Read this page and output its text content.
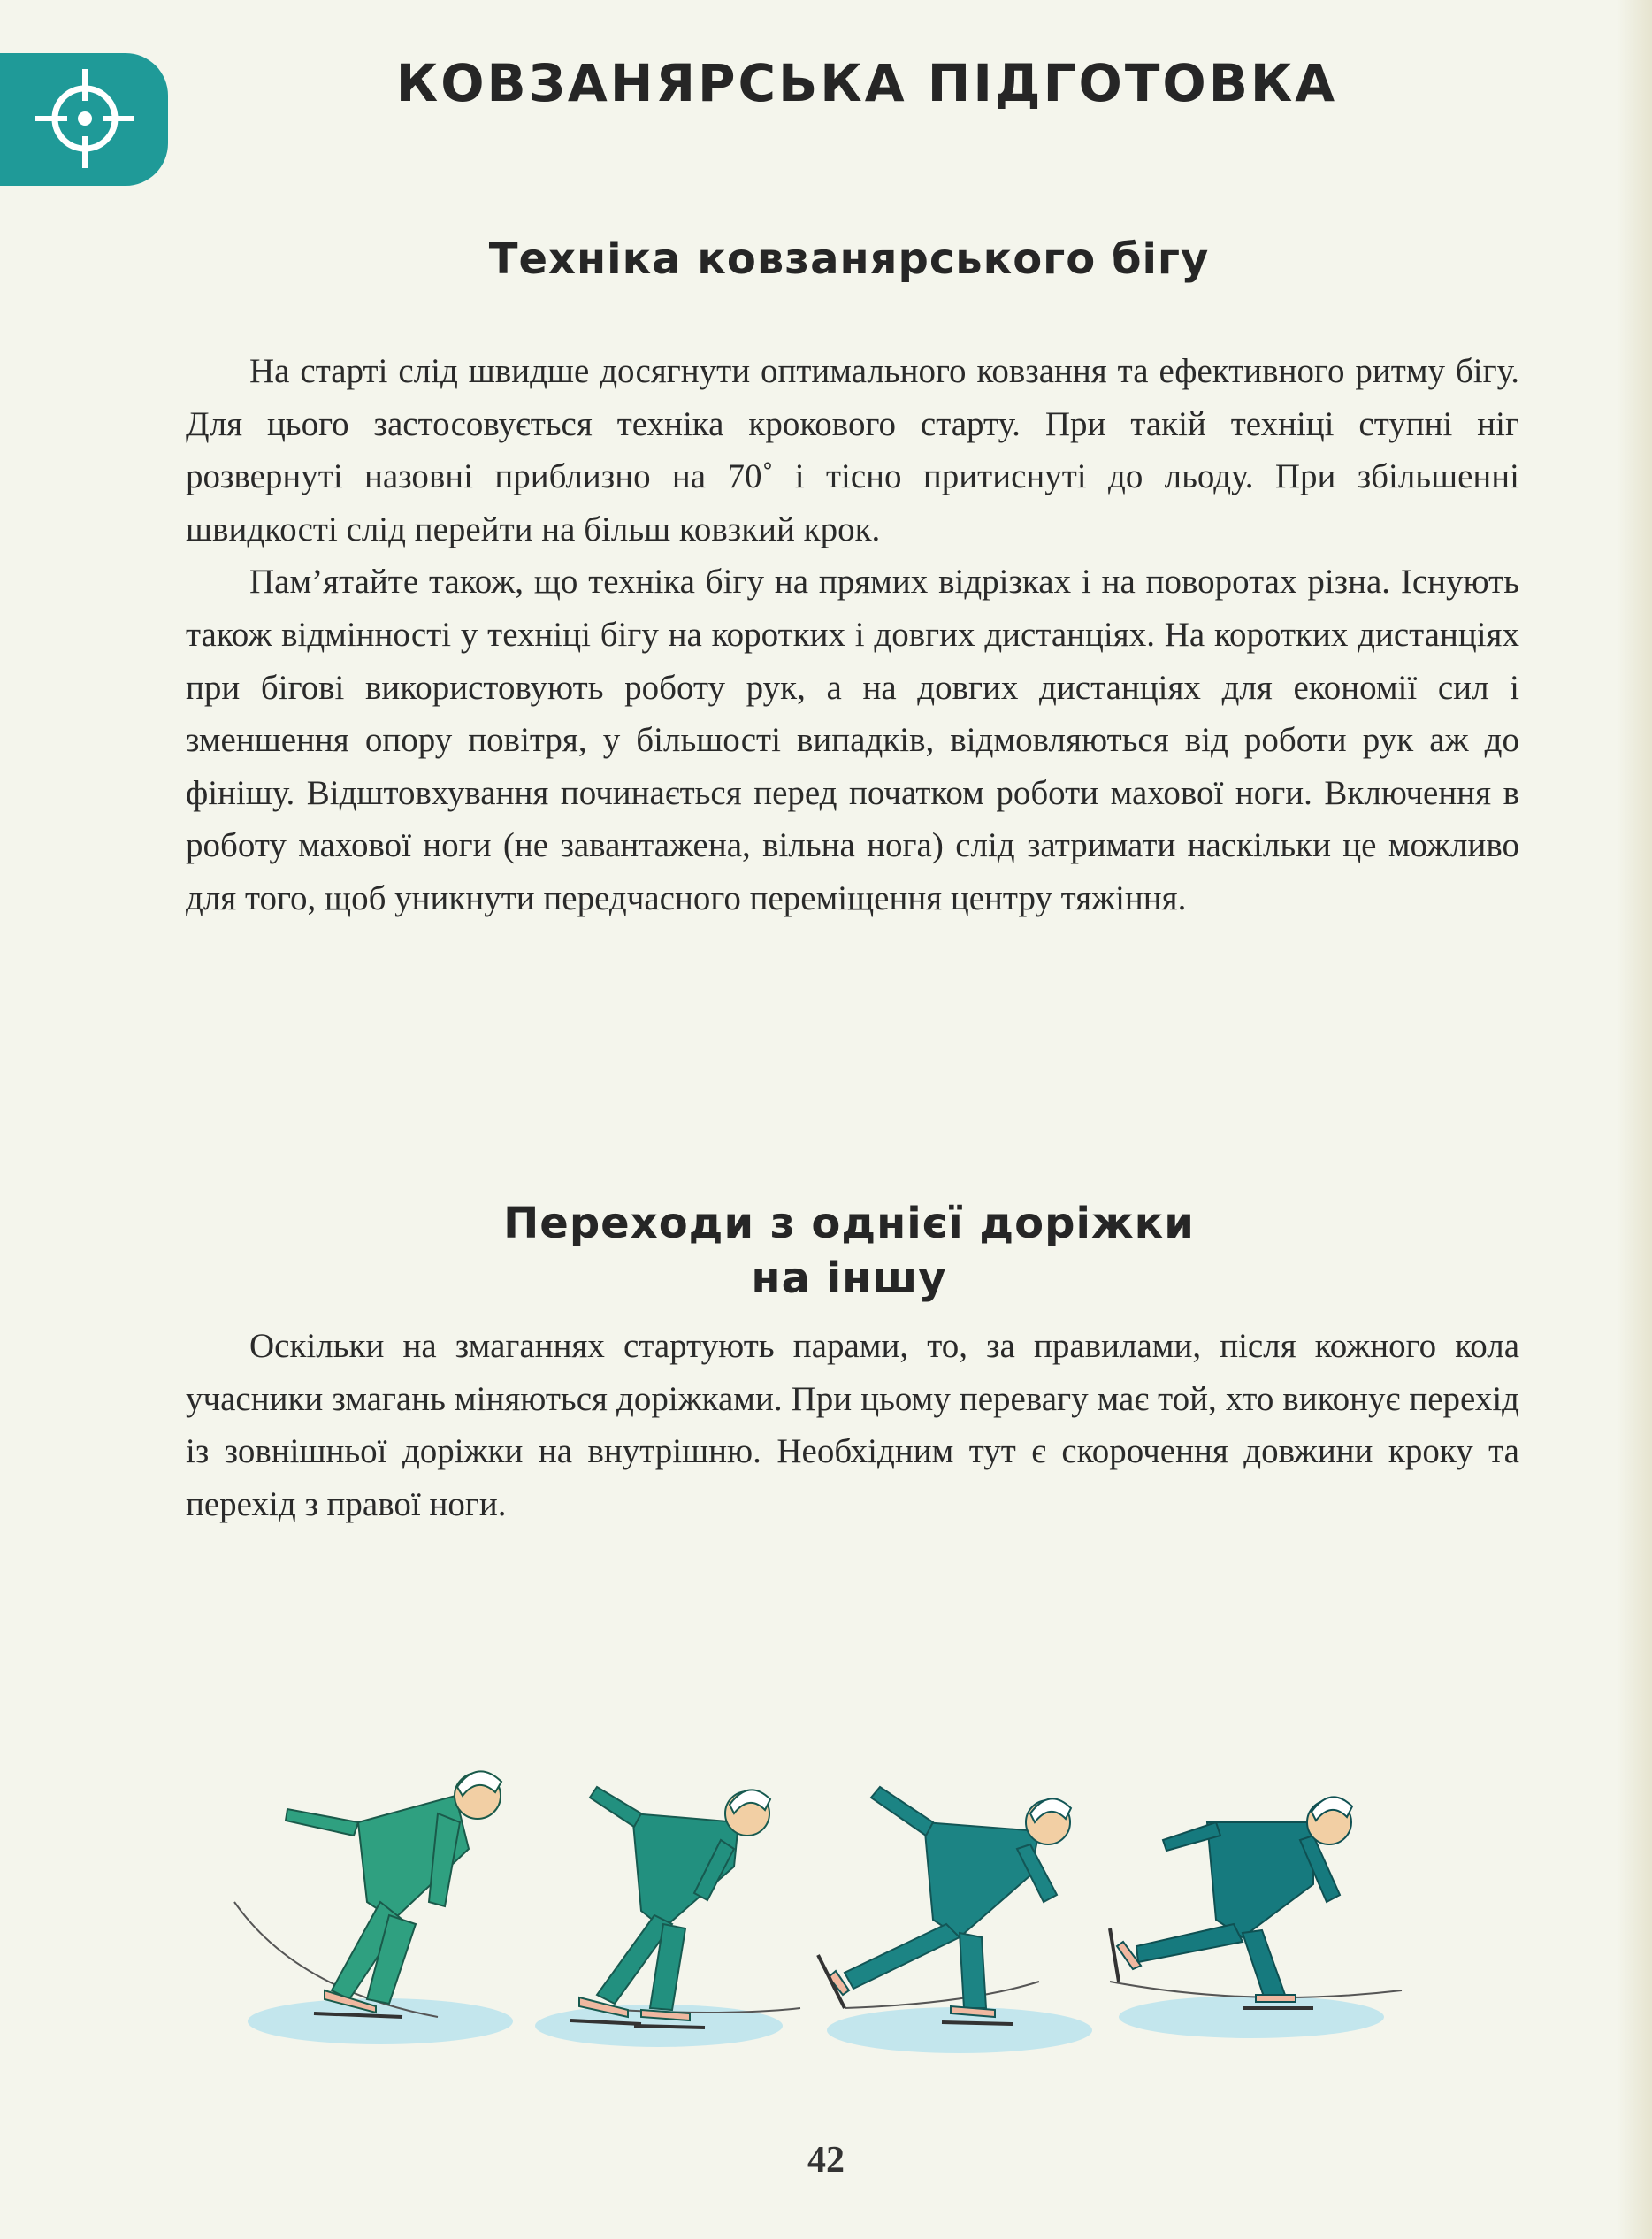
КОВЗАНЯРСЬКА ПІДГОТОВКА
Техніка ковзанярського бігу

На старті слід швидше досягнути оптимального ковзання та ефективного ритму бігу. Для цього застосовується техніка крокового старту. При такій техніці ступні ніг розвернуті назовні приблизно на 70˚ і тісно притиснуті до льоду. При збільшенні швидкості слід перейти на більш ковзкий крок.

Пам’ятайте також, що техніка бігу на прямих відрізках і на поворотах різна. Існують також відмінності у техніці бігу на коротких і довгих дистанціях. На коротких дистанціях при бігові використовують роботу рук, а на довгих дистанціях для економії сил і зменшення опору повітря, у більшості випадків, відмовляються від роботи рук аж до фінішу. Відштовхування починається перед початком роботи махової ноги. Включення в роботу махової ноги (не завантажена, вільна нога) слід затримати наскільки це можливо для того, щоб уникнути передчасного переміщення центру тяжіння.

Переходи з однієї доріжки
на іншу

Оскільки на змаганнях стартують парами, то, за правилами, після кожного кола учасники змагань міняються доріжками. При цьому перевагу має той, хто виконує перехід із зовнішньої доріжки на внутрішню. Необхідним тут є скорочення довжини кроку та перехід з правої ноги.

42
